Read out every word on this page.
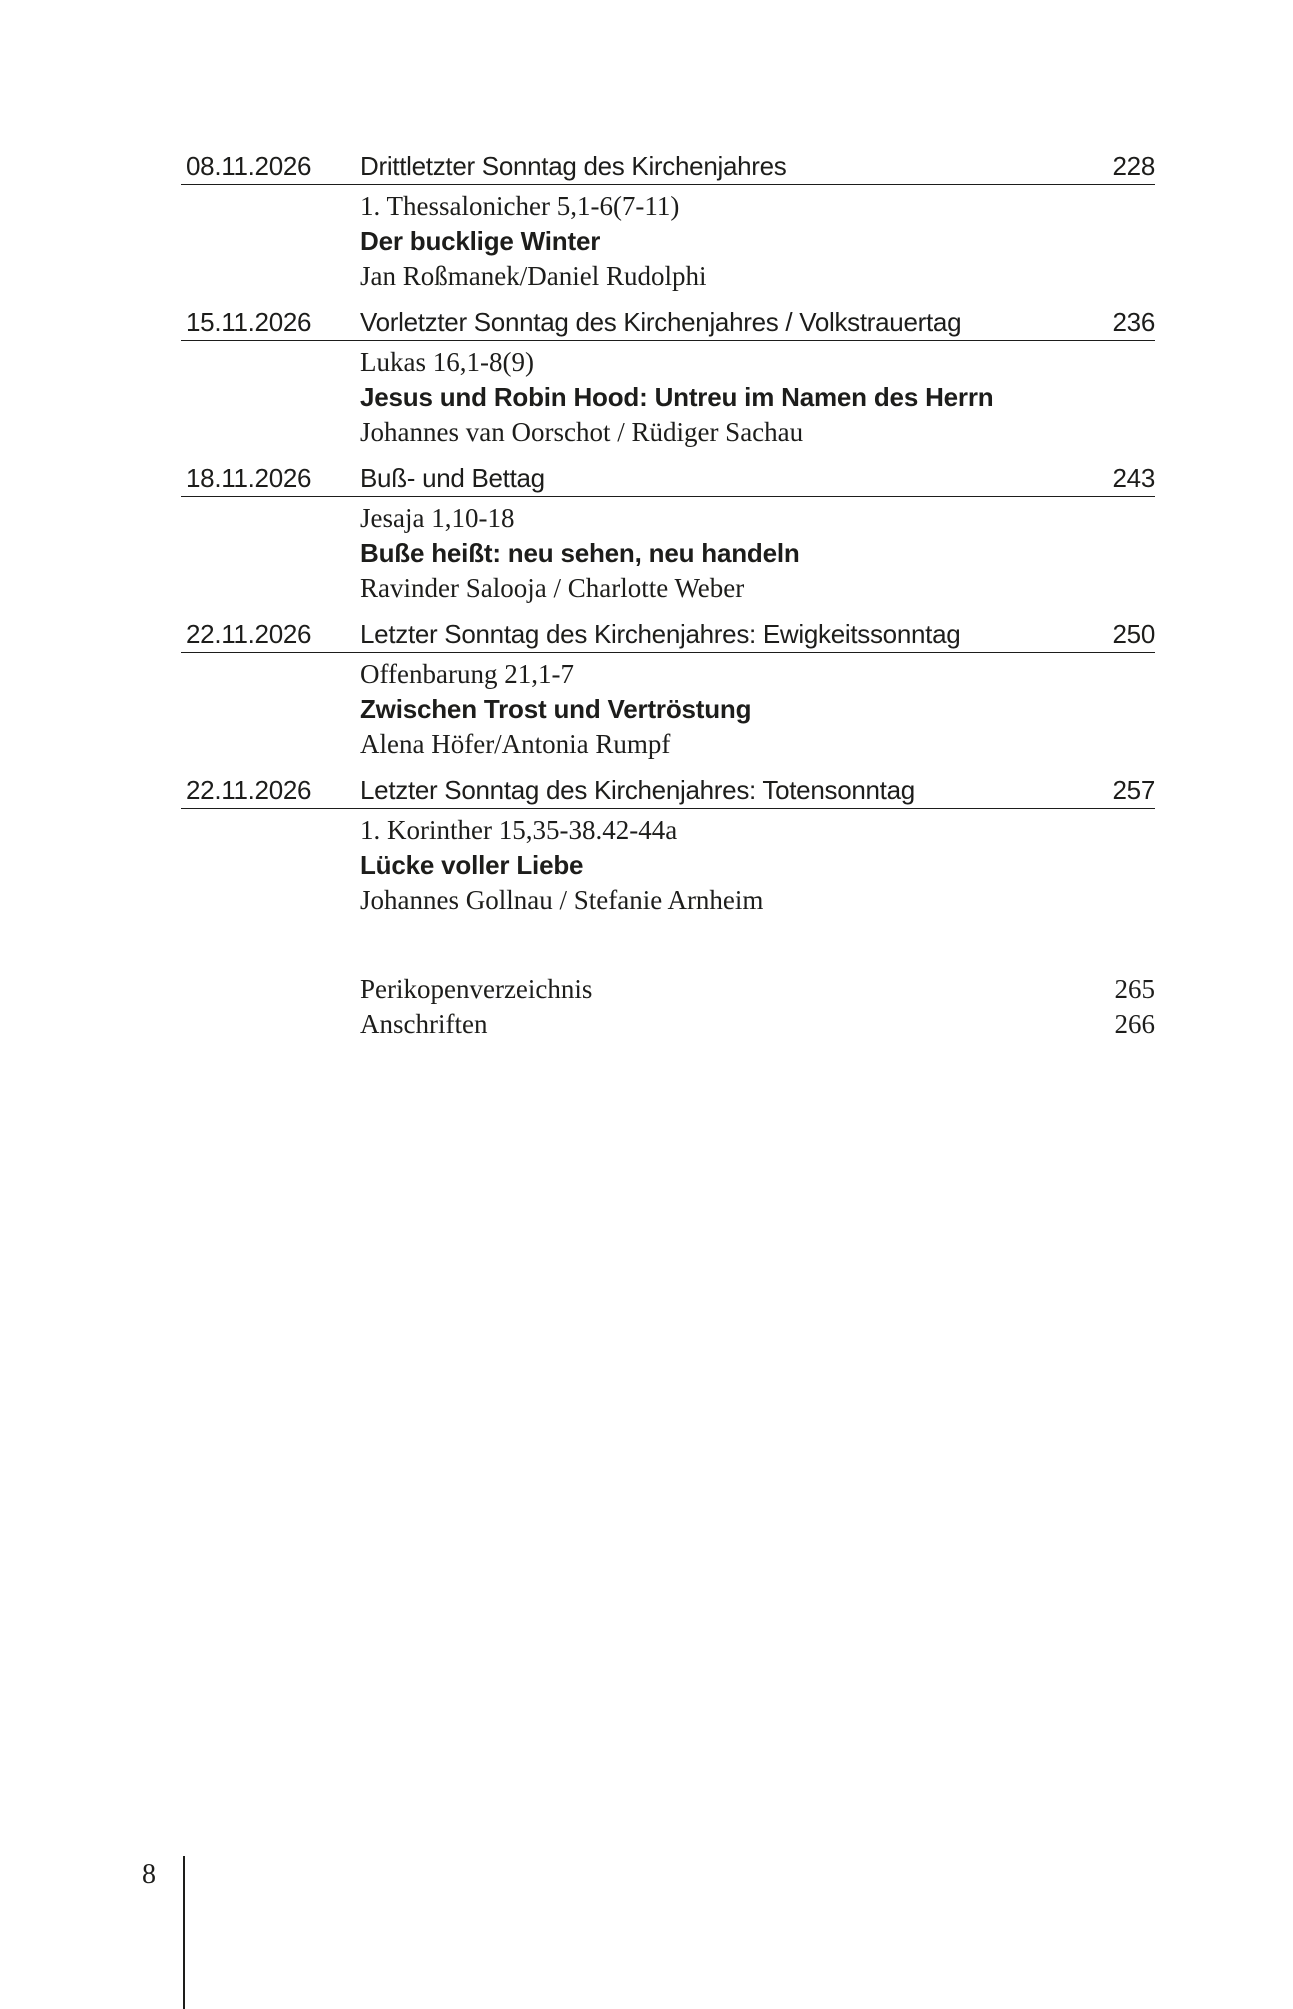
08.11.2026	Drittletzter Sonntag des Kirchenjahres	228
1. Thessalonicher 5,1-6(7-11)
Der bucklige Winter
Jan Roßmanek/Daniel Rudolphi
15.11.2026	Vorletzter Sonntag des Kirchenjahres / Volkstrauertag	236
Lukas 16,1-8(9)
Jesus und Robin Hood: Untreu im Namen des Herrn
Johannes van Oorschot / Rüdiger Sachau
18.11.2026	Buß- und Bettag	243
Jesaja 1,10-18
Buße heißt: neu sehen, neu handeln
Ravinder Salooja / Charlotte Weber
22.11.2026	Letzter Sonntag des Kirchenjahres: Ewigkeitssonntag	250
Offenbarung 21,1-7
Zwischen Trost und Vertröstung
Alena Höfer/Antonia Rumpf
22.11.2026	Letzter Sonntag des Kirchenjahres: Totensonntag	257
1. Korinther 15,35-38.42-44a
Lücke voller Liebe
Johannes Gollnau / Stefanie Arnheim
Perikopenverzeichnis	265
Anschriften	266
8
